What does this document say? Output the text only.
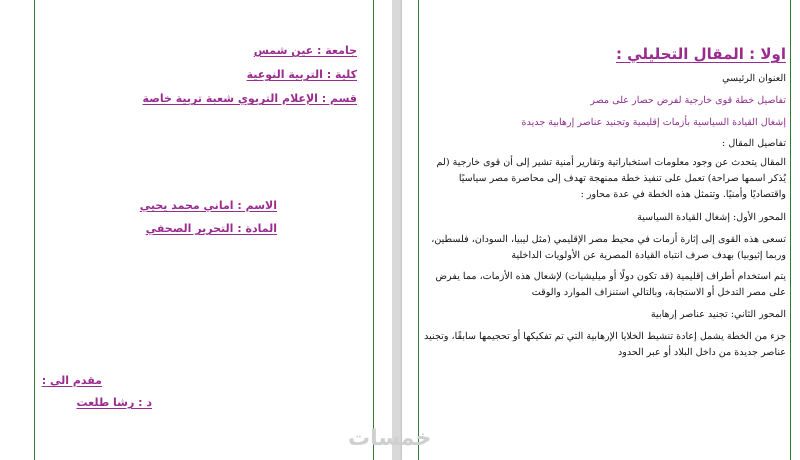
جامعة : عين شمس
كلية : التربية النوعية
قسم : الإعلام التربوي شعبة تربية خاصة
الاسم : اماني محمد يحيي
المادة : التحرير الصحفي
مقدم الى :
د : رشا طلعت

اولا : المقال التحليلي :

العنوان الرئيسي

تفاصيل خطة قوى خارجية لفرض حصار على مصر

إشغال القيادة السياسية بأزمات إقليمية وتجنيد عناصر إرهابية جديدة

تفاصيل المقال :

المقال يتحدث عن وجود معلومات استخباراتية وتقارير أمنية تشير إلى أن قوى خارجية (لم يُذكر اسمها صراحة) تعمل على تنفيذ خطة ممنهجة تهدف إلى محاصرة مصر سياسيًا واقتصاديًا وأمنيًا. وتتمثل هذه الخطة في عدة محاور :

المحور الأول: إشغال القيادة السياسية

تسعى هذه القوى إلى إثارة أزمات في محيط مصر الإقليمي (مثل ليبيا، السودان، فلسطين، وربما إثيوبيا) بهدف صرف انتباه القيادة المصرية عن الأولويات الداخلية

يتم استخدام أطراف إقليمية (قد تكون دولًا أو ميليشيات) لإشعال هذه الأزمات، مما يفرض على مصر التدخل أو الاستجابة، وبالتالي استنزاف الموارد والوقت

المحور الثاني: تجنيد عناصر إرهابية

جزء من الخطة يشمل إعادة تنشيط الخلايا الإرهابية التي تم تفكيكها أو تحجيمها سابقًا، وتجنيد عناصر جديدة من داخل البلاد أو عبر الحدود

خمسات
